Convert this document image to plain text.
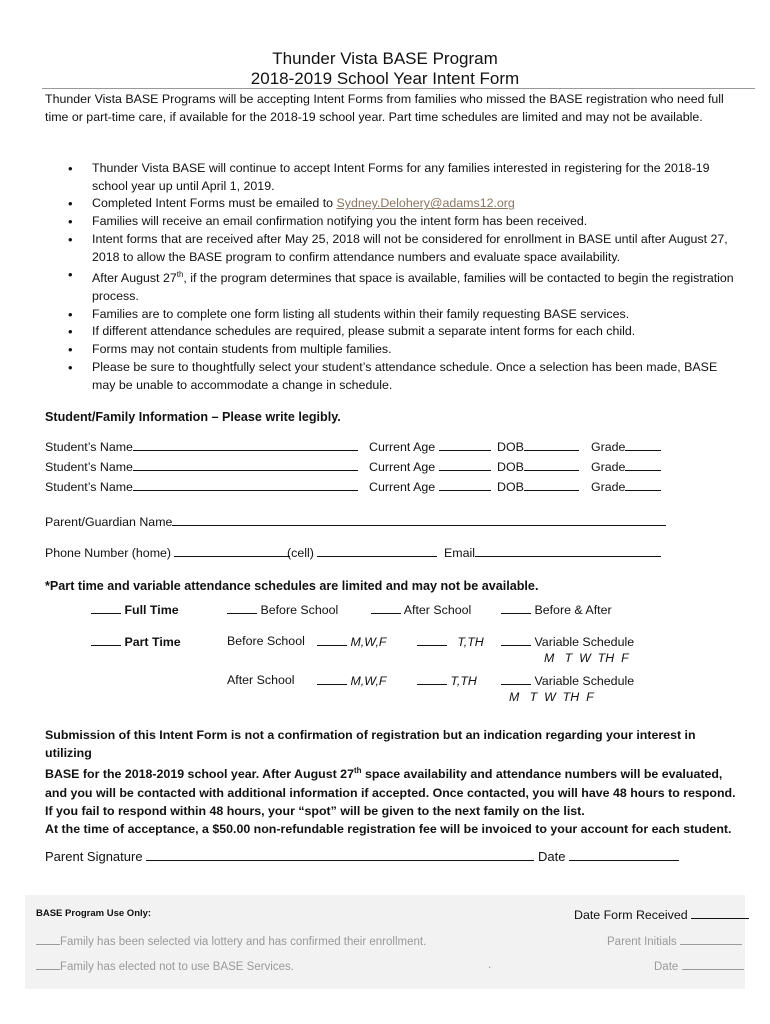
Thunder Vista BASE Program
2018-2019 School Year Intent Form
Thunder Vista BASE Programs will be accepting Intent Forms from families who missed the BASE registration who need full time or part-time care, if available for the 2018-19 school year. Part time schedules are limited and may not be available.
• Thunder Vista BASE will continue to accept Intent Forms for any families interested in registering for the 2018-19 school year up until April 1, 2019.
• Completed Intent Forms must be emailed to Sydney.Delohery@adams12.org
• Families will receive an email confirmation notifying you the intent form has been received.
• Intent forms that are received after May 25, 2018 will not be considered for enrollment in BASE until after August 27, 2018 to allow the BASE program to confirm attendance numbers and evaluate space availability.
• After August 27th, if the program determines that space is available, families will be contacted to begin the registration process.
• Families are to complete one form listing all students within their family requesting BASE services.
• If different attendance schedules are required, please submit a separate intent forms for each child.
• Forms may not contain students from multiple families.
• Please be sure to thoughtfully select your student’s attendance schedule. Once a selection has been made, BASE may be unable to accommodate a change in schedule.
Student/Family Information – Please write legibly.
Student’s Name	Current Age	DOB	Grade
Student’s Name	Current Age	DOB	Grade
Student’s Name	Current Age	DOB	Grade
Parent/Guardian Name
Phone Number (home)	(cell)	Email
*Part time and variable attendance schedules are limited and may not be available.
Full Time	Before School	After School	Before & After
Part Time	Before School	M,W,F	T,TH	Variable Schedule
M   T  W  TH  F
After School	M,W,F	T,TH	Variable Schedule
M   T  W  TH  F
Submission of this Intent Form is not a confirmation of registration but an indication regarding your interest in utilizing
BASE for the 2018-2019 school year. After August 27th space availability and attendance numbers will be evaluated,
and you will be contacted with additional information if accepted. Once contacted, you will have 48 hours to respond.
If you fail to respond within 48 hours, your “spot” will be given to the next family on the list.
At the time of acceptance, a $50.00 non-refundable registration fee will be invoiced to your account for each student.
Parent Signature	Date
BASE Program Use Only:	Date Form Received
Family has been selected via lottery and has confirmed their enrollment.	Parent Initials
Family has elected not to use BASE Services.	.	Date
